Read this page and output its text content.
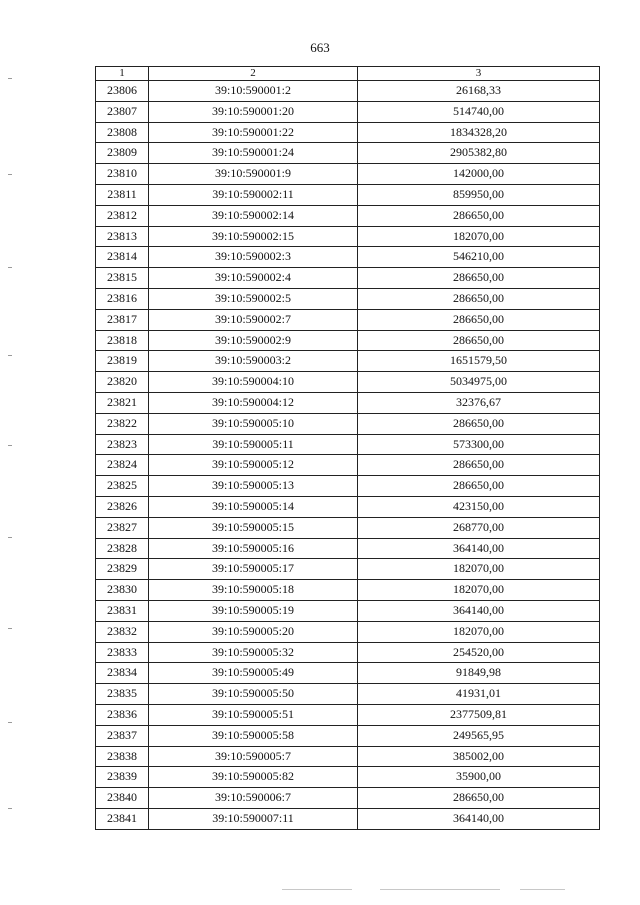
663
1	2	3
23806	39:10:590001:2	26168,33
23807	39:10:590001:20	514740,00
23808	39:10:590001:22	1834328,20
23809	39:10:590001:24	2905382,80
23810	39:10:590001:9	142000,00
23811	39:10:590002:11	859950,00
23812	39:10:590002:14	286650,00
23813	39:10:590002:15	182070,00
23814	39:10:590002:3	546210,00
23815	39:10:590002:4	286650,00
23816	39:10:590002:5	286650,00
23817	39:10:590002:7	286650,00
23818	39:10:590002:9	286650,00
23819	39:10:590003:2	1651579,50
23820	39:10:590004:10	5034975,00
23821	39:10:590004:12	32376,67
23822	39:10:590005:10	286650,00
23823	39:10:590005:11	573300,00
23824	39:10:590005:12	286650,00
23825	39:10:590005:13	286650,00
23826	39:10:590005:14	423150,00
23827	39:10:590005:15	268770,00
23828	39:10:590005:16	364140,00
23829	39:10:590005:17	182070,00
23830	39:10:590005:18	182070,00
23831	39:10:590005:19	364140,00
23832	39:10:590005:20	182070,00
23833	39:10:590005:32	254520,00
23834	39:10:590005:49	91849,98
23835	39:10:590005:50	41931,01
23836	39:10:590005:51	2377509,81
23837	39:10:590005:58	249565,95
23838	39:10:590005:7	385002,00
23839	39:10:590005:82	35900,00
23840	39:10:590006:7	286650,00
23841	39:10:590007:11	364140,00
